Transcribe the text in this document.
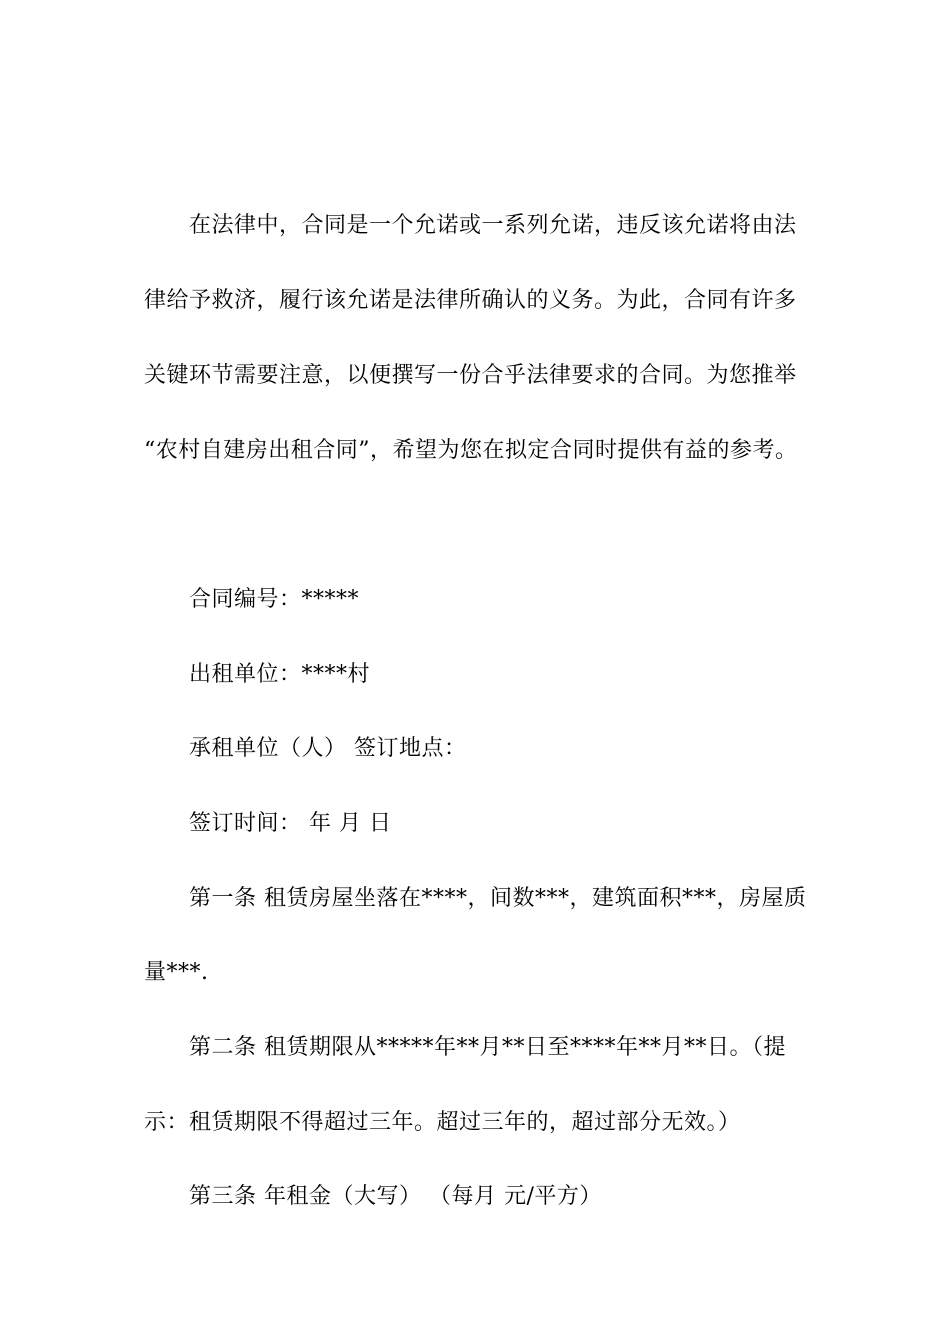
在法律中，合同是一个允诺或一系列允诺，违反该允诺将由法
律给予救济，履行该允诺是法律所确认的义务。为此，合同有许多
关键环节需要注意，以便撰写一份合乎法律要求的合同。为您推举
“农村自建房出租合同”，希望为您在拟定合同时提供有益的参考。
合同编号：*****
出租单位：****村
承租单位（人） 签订地点：
签订时间： 年 月 日
第一条 租赁房屋坐落在****，间数***，建筑面积***，房屋质
量***.
第二条 租赁期限从*****年**月**日至****年**月**日。（提
示：租赁期限不得超过三年。超过三年的，超过部分无效。）
第三条 年租金（大写） （每月 元/平方）
